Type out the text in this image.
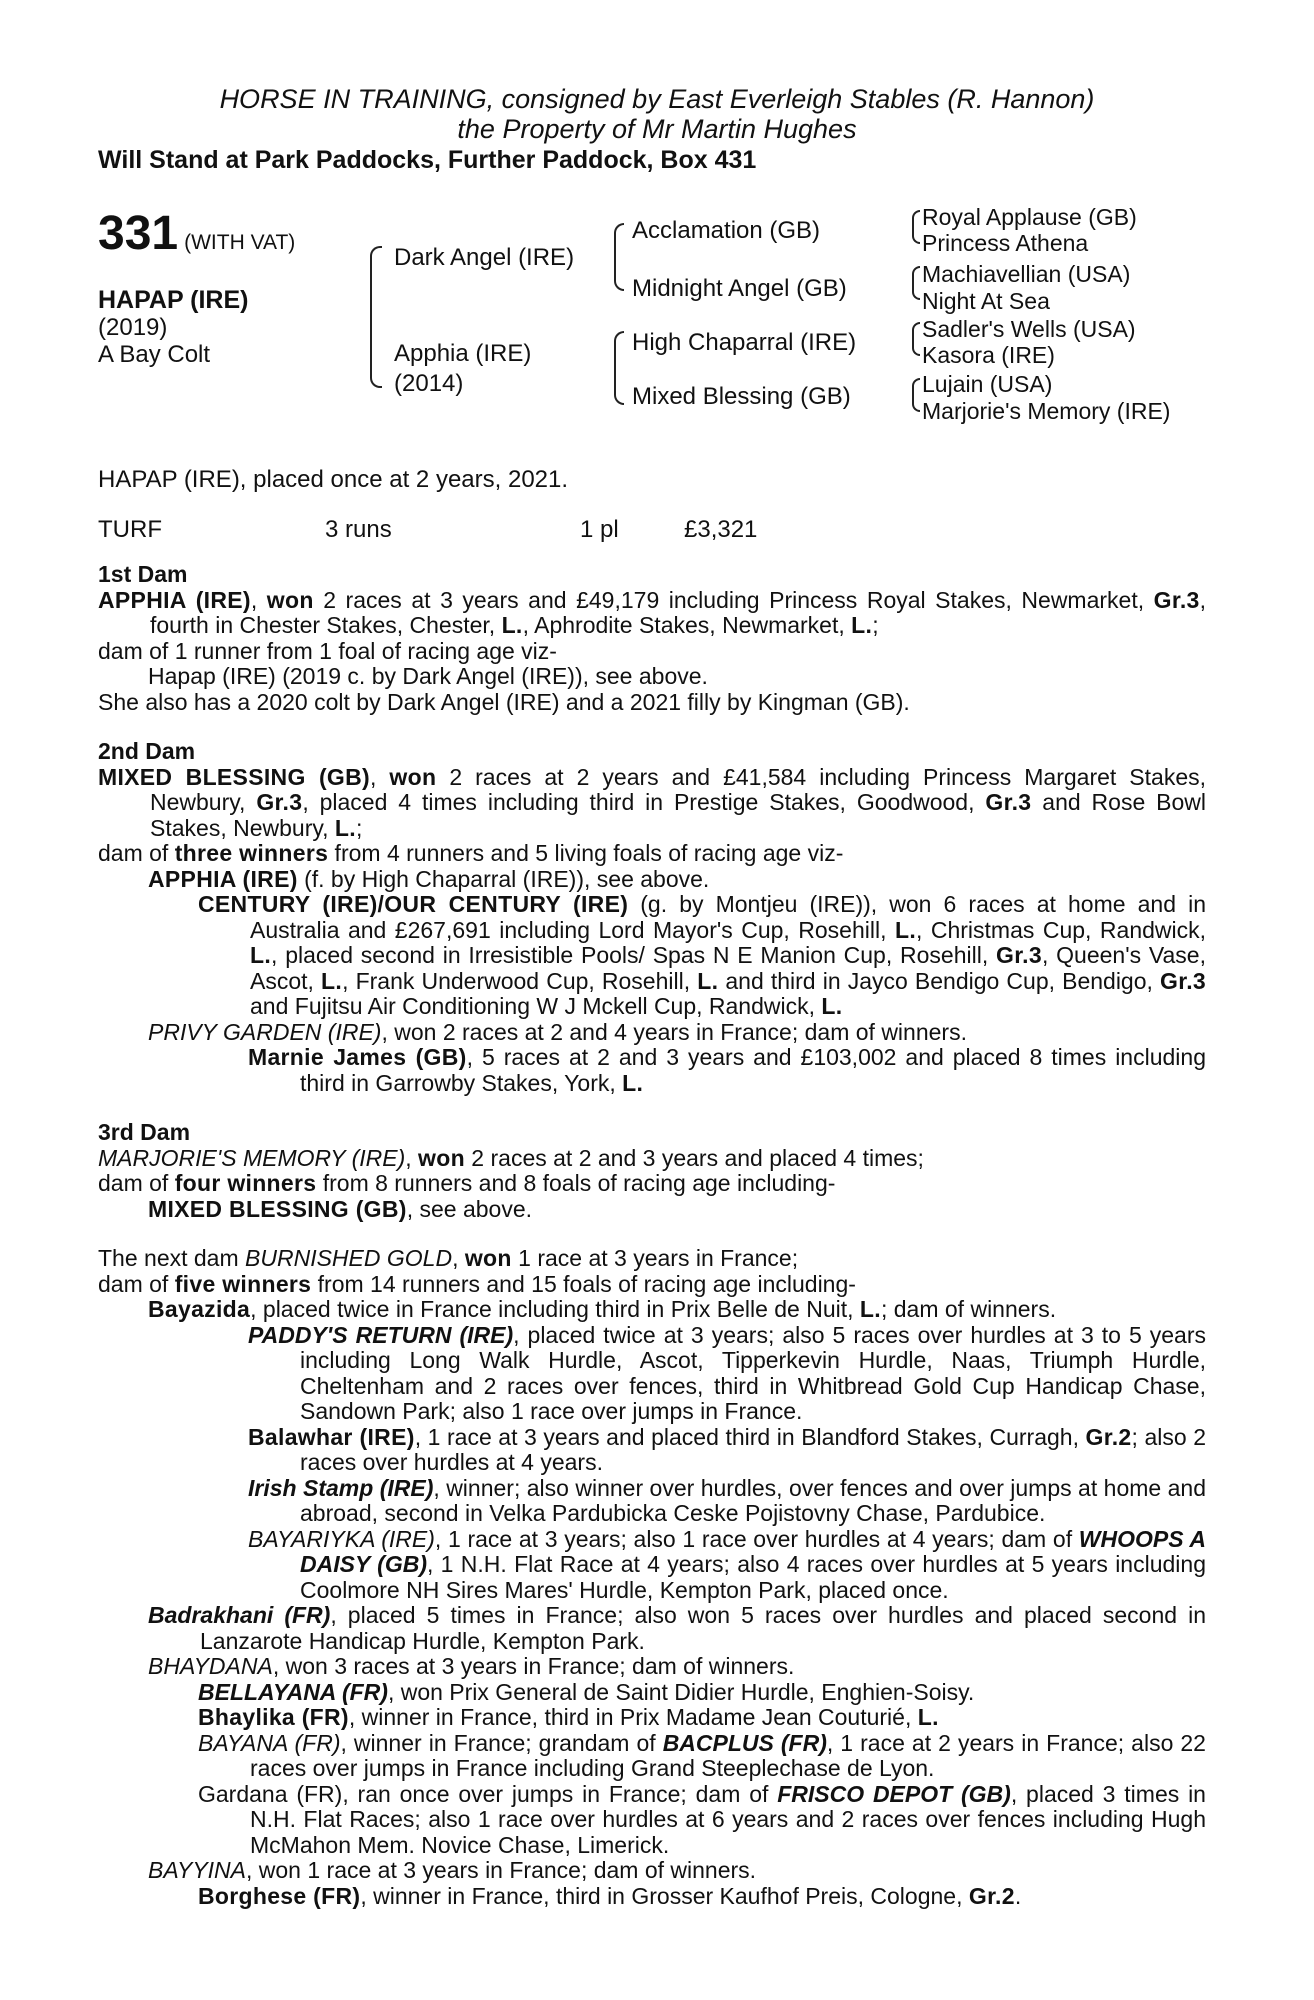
HORSE IN TRAINING, consigned by East Everleigh Stables (R. Hannon)
the Property of Mr Martin Hughes
Will Stand at Park Paddocks, Further Paddock, Box 431
331 (WITH VAT)
HAPAP (IRE)
(2019)
A Bay Colt
Dark Angel (IRE)
Apphia (IRE)
(2014)
Acclamation (GB)
Midnight Angel (GB)
High Chaparral (IRE)
Mixed Blessing (GB)
Royal Applause (GB)
Princess Athena
Machiavellian (USA)
Night At Sea
Sadler's Wells (USA)
Kasora (IRE)
Lujain (USA)
Marjorie's Memory (IRE)
HAPAP (IRE), placed once at 2 years, 2021.
TURF	3 runs	1 pl	£3,321
1st Dam
APPHIA (IRE), won 2 races at 3 years and £49,179 including Princess Royal Stakes, Newmarket, Gr.3, fourth in Chester Stakes, Chester, L., Aphrodite Stakes, Newmarket, L.;
dam of 1 runner from 1 foal of racing age viz-
Hapap (IRE) (2019 c. by Dark Angel (IRE)), see above.
She also has a 2020 colt by Dark Angel (IRE) and a 2021 filly by Kingman (GB).
2nd Dam
MIXED BLESSING (GB), won 2 races at 2 years and £41,584 including Princess Margaret Stakes, Newbury, Gr.3, placed 4 times including third in Prestige Stakes, Goodwood, Gr.3 and Rose Bowl Stakes, Newbury, L.;
dam of three winners from 4 runners and 5 living foals of racing age viz-
APPHIA (IRE) (f. by High Chaparral (IRE)), see above.
CENTURY (IRE)/OUR CENTURY (IRE) (g. by Montjeu (IRE)), won 6 races at home and in Australia and £267,691 including Lord Mayor's Cup, Rosehill, L., Christmas Cup, Randwick, L., placed second in Irresistible Pools/ Spas N E Manion Cup, Rosehill, Gr.3, Queen's Vase, Ascot, L., Frank Underwood Cup, Rosehill, L. and third in Jayco Bendigo Cup, Bendigo, Gr.3 and Fujitsu Air Conditioning W J Mckell Cup, Randwick, L.
PRIVY GARDEN (IRE), won 2 races at 2 and 4 years in France; dam of winners.
Marnie James (GB), 5 races at 2 and 3 years and £103,002 and placed 8 times including third in Garrowby Stakes, York, L.
3rd Dam
MARJORIE'S MEMORY (IRE), won 2 races at 2 and 3 years and placed 4 times;
dam of four winners from 8 runners and 8 foals of racing age including-
MIXED BLESSING (GB), see above.
The next dam BURNISHED GOLD, won 1 race at 3 years in France;
dam of five winners from 14 runners and 15 foals of racing age including-
Bayazida, placed twice in France including third in Prix Belle de Nuit, L.; dam of winners.
PADDY'S RETURN (IRE), placed twice at 3 years; also 5 races over hurdles at 3 to 5 years including Long Walk Hurdle, Ascot, Tipperkevin Hurdle, Naas, Triumph Hurdle, Cheltenham and 2 races over fences, third in Whitbread Gold Cup Handicap Chase, Sandown Park; also 1 race over jumps in France.
Balawhar (IRE), 1 race at 3 years and placed third in Blandford Stakes, Curragh, Gr.2; also 2 races over hurdles at 4 years.
Irish Stamp (IRE), winner; also winner over hurdles, over fences and over jumps at home and abroad, second in Velka Pardubicka Ceske Pojistovny Chase, Pardubice.
BAYARIYKA (IRE), 1 race at 3 years; also 1 race over hurdles at 4 years; dam of WHOOPS A DAISY (GB), 1 N.H. Flat Race at 4 years; also 4 races over hurdles at 5 years including Coolmore NH Sires Mares' Hurdle, Kempton Park, placed once.
Badrakhani (FR), placed 5 times in France; also won 5 races over hurdles and placed second in Lanzarote Handicap Hurdle, Kempton Park.
BHAYDANA, won 3 races at 3 years in France; dam of winners.
BELLAYANA (FR), won Prix General de Saint Didier Hurdle, Enghien-Soisy.
Bhaylika (FR), winner in France, third in Prix Madame Jean Couturié, L.
BAYANA (FR), winner in France; grandam of BACPLUS (FR), 1 race at 2 years in France; also 22 races over jumps in France including Grand Steeplechase de Lyon.
Gardana (FR), ran once over jumps in France; dam of FRISCO DEPOT (GB), placed 3 times in N.H. Flat Races; also 1 race over hurdles at 6 years and 2 races over fences including Hugh McMahon Mem. Novice Chase, Limerick.
BAYYINA, won 1 race at 3 years in France; dam of winners.
Borghese (FR), winner in France, third in Grosser Kaufhof Preis, Cologne, Gr.2.
